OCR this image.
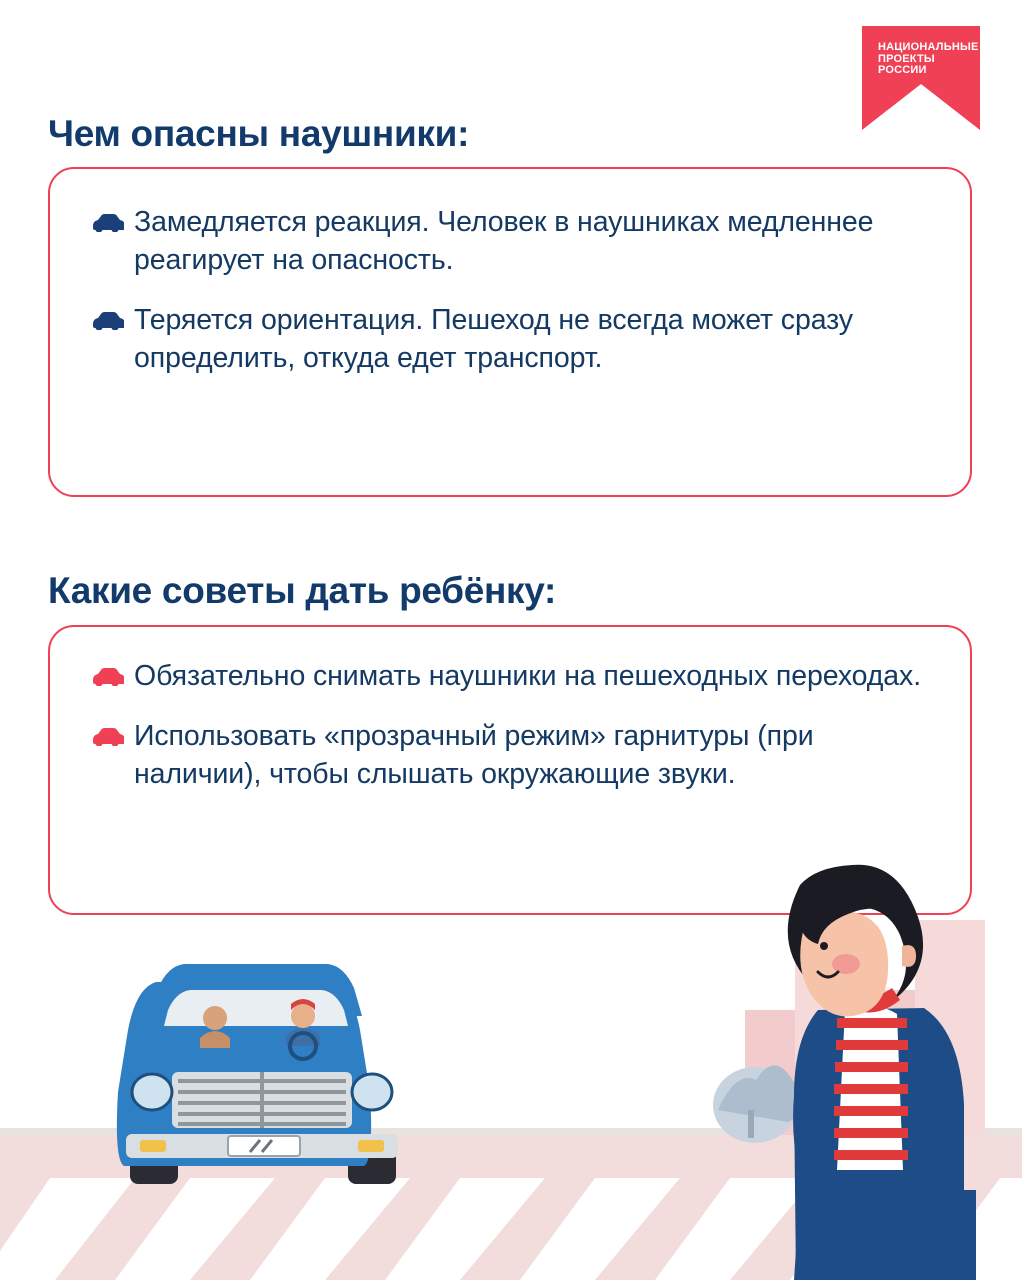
НАЦИОНАЛЬНЫЕ
ПРОЕКТЫ
РОССИИ
Чем опасны наушники:
Замедляется реакция. Человек в наушниках медленнее реагирует на опасность.
Теряется ориентация. Пешеход не всегда может сразу определить, откуда едет транспорт.
Какие советы дать ребёнку:
Обязательно снимать наушники на пешеходных переходах.
Использовать «прозрачный режим» гарнитуры (при наличии), чтобы слышать окружающие звуки.
